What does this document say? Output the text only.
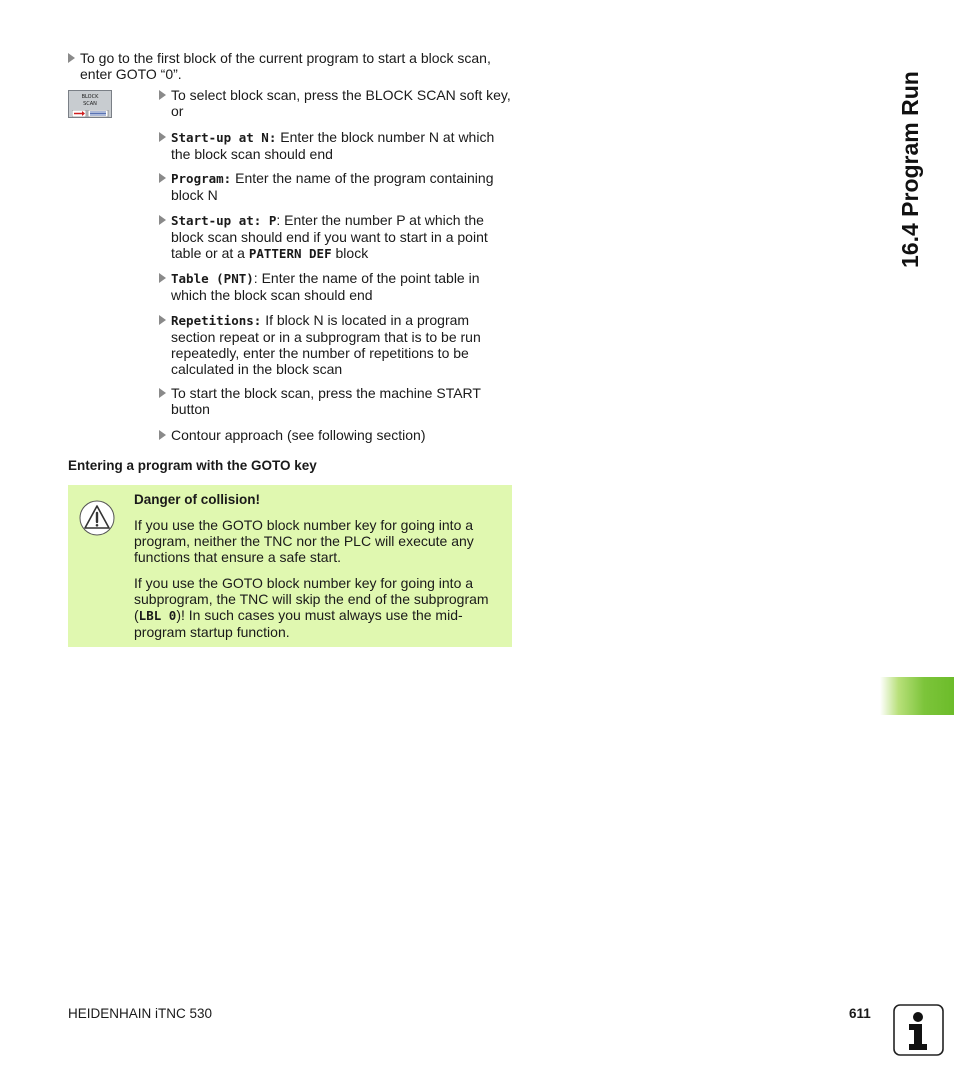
16.4 Program Run
To go to the first block of the current program to start a block scan, enter GOTO “0”.
BLOCK
SCAN
To select block scan, press the BLOCK SCAN soft key, or
Start-up at N: Enter the block number N at which the block scan should end
Program: Enter the name of the program containing block N
Start-up at: P: Enter the number P at which the block scan should end if you want to start in a point table or at a PATTERN DEF block
Table (PNT): Enter the name of the point table in which the block scan should end
Repetitions: If block N is located in a program section repeat or in a subprogram that is to be run repeatedly, enter the number of repetitions to be calculated in the block scan
To start the block scan, press the machine START button
Contour approach (see following section)
Entering a program with the GOTO key
Danger of collision!

If you use the GOTO block number key for going into a program, neither the TNC nor the PLC will execute any functions that ensure a safe start.

If you use the GOTO block number key for going into a subprogram, the TNC will skip the end of the subprogram (LBL 0)! In such cases you must always use the mid-program startup function.

HEIDENHAIN iTNC 530	611
